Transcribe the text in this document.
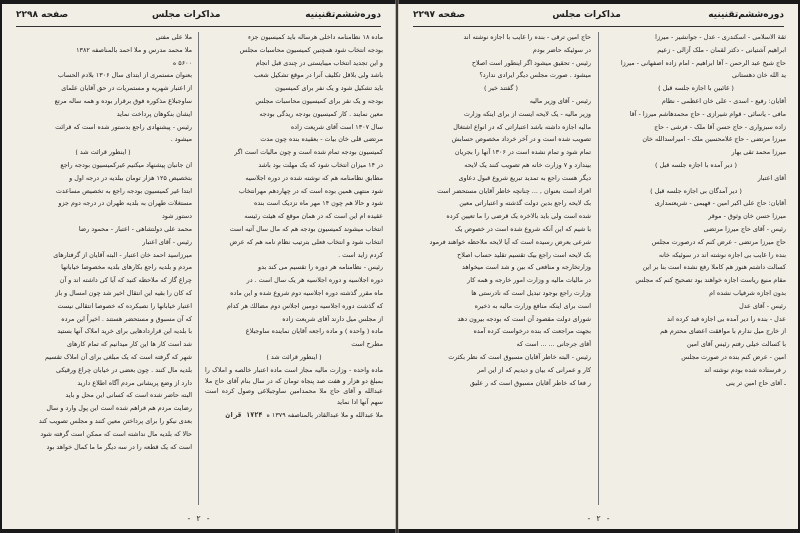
دوره‌ششم‌تقنینیه
مذاکرات مجلس
صفحه ۲۲۹۸

ماده ۱۸ نظامنامه داخلی هرساله باید کمیسیون جزء

بودجه انتخاب شود همچنین کمیسیون محاسبات مجلس

و این تجدید انتخاب میبایستی در چندی قبل انجام

باشد ولی بلاقل تکلیف آنرا در موقع تشکیل شعب

باید تشکیل شود و یک نفر برای کمیسیون

بودجه و یک نفر برای کمیسیون محاسبات مجلس

معین نمایند . کار کمیسیون بودجه ریدگی بودجه

سال ۱۳۰۷ است آقای شریعت زاده

مرتضی قلی خان بیات - بعقیده بنده چون مدت

کمیسیون بودجه تمام شده است و چون مالیات است اگر

در ۱۴ میزان انتخاب شود که یک مهلت بود باشد

مطابق نظامنامه هم که نوشته شده در دوره اجلاسیه

شود منتهی همین بوده است که در چهاردهم مهرانتخاب

شود و حالا هم چون ۱۴ مهر ماه نزدیک است بنده

عقیده ام این است که در همان موقع که هیئت رئیسه

انتخاب میشوند کمیسیون بودجه هم که مال سال آتیه است

انتخاب شود و انتخاب فعلی بترتیب نظام نامه هم که عرض

کردم زاید است .

رئیس - نظامنامه هر دوره را تقسیم می کند بدو

دوره اجلاسیه و دوره اجلاسیه هر یک سال است . در

ماه مقرر گذشته دوره اجلاسیه دوم شروع شده و این ماده

که گذشت دوره اجلاسیه دومین اجلاس دوم مضالك هر كدام

از مجلس میل دارند آقای شریعت زاده

ماده ( واحده ) و ماده راجعه آقایان نماینده ساوجبلاغ

مطرح است

( اینطور قرائت شد )

ماده واحده - وزارت مالیه مجاز است ماده اعتبار خالصه و املاک را بمبلغ دو هزار و هفت صد پنجاه تومان که در سال بنام آقای حاج ملا عبدالله و آقای حاج ملا محمدامین ساوجبلاغی وصول کرده است سهم آنها ادا نماید

ملا عبدالله و ملا عبدالقادر بالمناصفه ۱۳۷۹ ه  ۱۷۲۴ قران

ملا علی مفتی

ملا محمد مدرس و ملا احمد بالمناصفه ۱۳۸۲

۵۶۰۰ ه

بعنوان مستمری از ابتدای سال ۱۳۰۶ بلادم الحساب

از اعتبار شهریه و مستمریات در حق آقایان علمای

ساوجبلاغ مذکوره فوق برقرار بوده و همه ساله مرتع

ایشان بنکوهان پرداخت نماید

رئیس - پیشنهادی راجع بدستور شده است که قرائت

میشود .

( اینطور قرائت شد )

ان جانبان پیشنهاد میکنیم غیرکمیسیون بودجه راجع

بتخصیص ۱۲۵ هزار تومان ببلدیه در درجه اول و

ابتدا غیر کمیسیون بودجه راجع به تخصیص مساعدت

مستغلات طهران به بلدیه طهران در درجه دوم جزو

دستور شود

محمد علی دولتشاهی - اعتبار - محمود رضا

رئیس - آقای اعتبار

میرزاسید احمد خان اعتبار - البته آقایان از گرفتارهای

مردم و بلدیه راجع بکارهای بلدیه مخصوصا خیابانها

چراغ گاز که ملاحظه کنید که آیا کی داشته اند و آن

که کان را بقیه این انتقال اخیر شد چون امسال و باز

اعتبار خیابانها را نصبکرده که خصوصا انتقالی نیست

که آن مسبوق و مستحضر هستند . اخیراً این مرده

با بلدیه این قراردادهایی برای خرید املاک آنها بستید

شد است کار ها این کار میدانیم که تمام کارهای

شهر که گرفته است که یک مبلغی برای آن املاک تقسیم

بلدیه مال کنند . چون بعضی در خیابان چراغ ورقیکی

دارد از وضع پریشانی مردم آگاه اطلاع دارید

البته حاضر شده است که کسانی این محل و باید

رضایت مردم هم فراهم شده است این پول وارد و سال

بعدی نیکو را برای پرداختن معین کنند و مجلس تصویب کند

حالا که بلدیه مال نداشته است که ممکن است گرفته شود

است که یک قطعه را در سه دیگر ما ما کمال خواهد بود

- ٢ -
دوره‌ششم‌تقنینیه
مذاکرات مجلس
صفحه ۲۲۹۷

ثقة الاسلامی - اسکندری - عدل - جوانشیر - میرزا

ابراهیم آشتیانی - دکتر لقمان - ملک آزالی - زعیم

حاج شیخ عبد الرحمن - آقا ابراهیم - امام زاده اصفهانی - میرزا

ید الله خان دهستانی

( غائبین با اجازه جلسه قبل )

آقایان: رفیع - اسدی - علی خان اعظمی - نظام

مافی - یاسائی - قوام شیرازی - حاج محمدهاشم میرزا - آقا

زاده سبزواری - حاج حسن آقا ملک - فرشی - حاج

میرزا مرتضی - حاج غلامحسین ملک - امیراسدالله خان

میرزا محمد تقی بهار

( دیر آمده با اجازه جلسه قبل )

آقای اعتبار

( دیر آمدگان بی اجازه جلسه قبل )

آقایان: حاج علی اکبر امین - فهیمی - شریعتمداری

میرزا حسن خان وثوق - موقر

رئیس - آقای حاج میرزا مرتضی

حاج میرزا مرتضی - عرض کنم که درصورت مجلس

بنده را غایب بی اجازه نوشته اند در سوئیکه خانه

کسالت داشتم هنوز هم کاملا رفع نشده است بنا بر این

مقام منیع ریاست اجازه خواهند بود تصحیح کنم که مجلس

بدون اجازه شرفیاب نشده ام

رئیس - آقای عدل

عدل - بنده را دیر آمده بی اجازه قید کرده اند

از خارج میل ندارم با موافقت اعضای محترم هم

با کسالت خیلی رفتم رئیس آقای امین

امین - عرض کنم بنده در صورت مجلس

ر فرستاده شده بودم نوشته اند

ـ آقای حاج امین تر ینی

حاج امین ترقی - بنده را غایب با اجازه نوشته اند

در سوئیکه حاضر بودم

رئیس - تحقیق میشود اگر اینطور است اصلاح

میشود . صورت مجلس دیگر ایرادی ندارد؟

( گفتند خیر )

رئیس - آقای وزیر مالیه

وزیر مالیه - یک لایحه ایست از برای اینکه وزارت

مالیه اجازه داشته باشد اعتباراتی که در انواع اشتغال

تصویب شده است و در آخر خرداد مخصوص حسابش

تمام شود و تمام نشده است در ۱۳۰۶ آنها را بجریان

بیندازد و ۷ وزارت خانه هم تصویب کنند یک لایحه

دیگر هست راجع به تمدید تبریع شروع قبول دعاوی

افراد است بعنوان , ... چنانچه خاطر آقایان مستحضر است

بک لایحه راجع بدین دولت گذشته و اعتباراتی معین

شده است ولی باید بالاخره یک قرضی را ما تعیین کرده

با شیم که این آنکه شروع شده است در خصوص یک

شرعی بعرض رسیده است که آیا لایحه ملاحظه خواهند فرمود

بک لایحه است راجع بیک تقسیم تقلید حساب اصلاح

وزارتخارجه و منافعی که بین و شد است میخواهد

در مالیات مالیه و وزارت امور خارجه و همه کار

وزارت راجع بوجود تبدیل است که نادرستی ها

است برای اینکه منافع وزارت مالیه به ذخیره

شورای دولت مقصود آن است که بودجه بیرون دهد

بجهت مراجعت که بنده درخواست کرده آمده

آقای جرجانی ... ... است که

رئیس - البته خاطر آقایان مسبوق است که نظر بکثرت

کار و عمرانی که بیان و دیدیم که از این امر

ر فعا که خاطر آقایان مسبوق است که ر علیق

- ٢ -
